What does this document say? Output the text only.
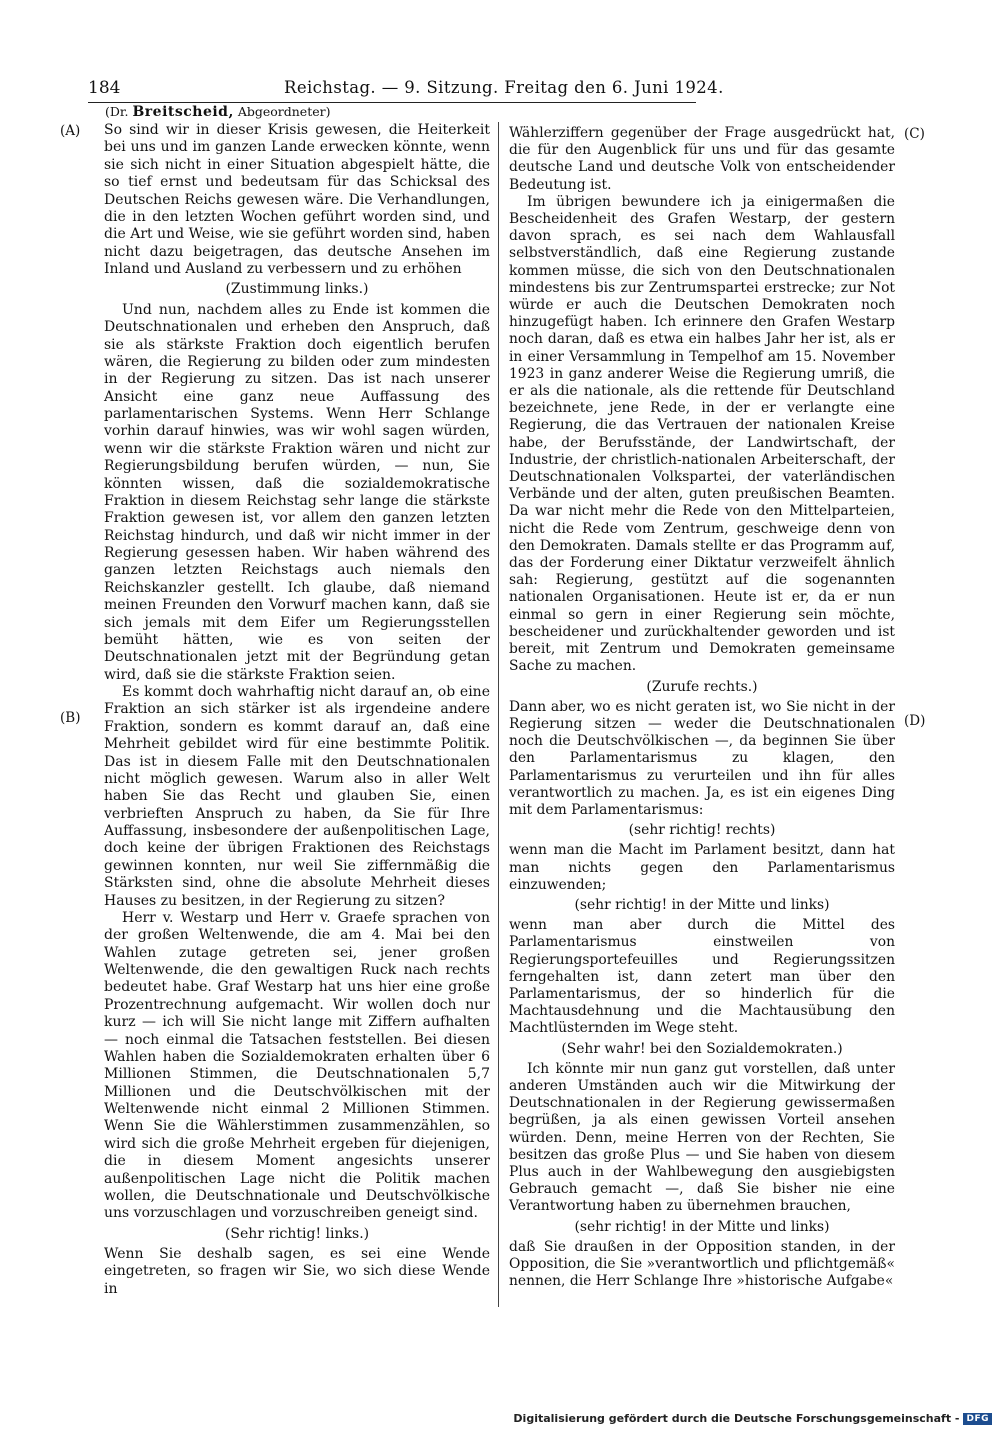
184	Reichstag. — 9. Sitzung. Freitag den 6. Juni 1924.
(Dr. Breitscheid, Abgeordneter)
(A)
(B)
(C)
(D)

So sind wir in dieser Krisis gewesen, die Heiterkeit bei uns und im ganzen Lande erwecken könnte, wenn sie sich nicht in einer Situation abgespielt hätte, die so tief ernst und bedeutsam für das Schicksal des Deutschen Reichs gewesen wäre. Die Verhandlungen, die in den letzten Wochen geführt worden sind, und die Art und Weise, wie sie geführt worden sind, haben nicht dazu beigetragen, das deutsche Ansehen im Inland und Ausland zu verbessern und zu erhöhen

(Zustimmung links.)

Und nun, nachdem alles zu Ende ist kommen die Deutschnationalen und erheben den Anspruch, daß sie als stärkste Fraktion doch eigentlich berufen wären, die Regierung zu bilden oder zum mindesten in der Regierung zu sitzen. Das ist nach unserer Ansicht eine ganz neue Auffassung des parlamentarischen Systems. Wenn Herr Schlange vorhin darauf hinwies, was wir wohl sagen würden, wenn wir die stärkste Fraktion wären und nicht zur Regierungsbildung berufen würden, — nun, Sie könnten wissen, daß die sozialdemokratische Fraktion in diesem Reichstag sehr lange die stärkste Fraktion gewesen ist, vor allem den ganzen letzten Reichstag hindurch, und daß wir nicht immer in der Regierung gesessen haben. Wir haben während des ganzen letzten Reichstags auch niemals den Reichskanzler gestellt. Ich glaube, daß niemand meinen Freunden den Vorwurf machen kann, daß sie sich jemals mit dem Eifer um Regierungsstellen bemüht hätten, wie es von seiten der Deutschnationalen jetzt mit der Begründung getan wird, daß sie die stärkste Fraktion seien.

Es kommt doch wahrhaftig nicht darauf an, ob eine Fraktion an sich stärker ist als irgendeine andere Fraktion, sondern es kommt darauf an, daß eine Mehrheit gebildet wird für eine bestimmte Politik. Das ist in diesem Falle mit den Deutschnationalen nicht möglich gewesen. Warum also in aller Welt haben Sie das Recht und glauben Sie, einen verbrieften Anspruch zu haben, da Sie für Ihre Auffassung, insbesondere der außenpolitischen Lage, doch keine der übrigen Fraktionen des Reichstags gewinnen konnten, nur weil Sie ziffernmäßig die Stärksten sind, ohne die absolute Mehrheit dieses Hauses zu besitzen, in der Regierung zu sitzen?

Herr v. Westarp und Herr v. Graefe sprachen von der großen Weltenwende, die am 4. Mai bei den Wahlen zutage getreten sei, jener großen Weltenwende, die den gewaltigen Ruck nach rechts bedeutet habe. Graf Westarp hat uns hier eine große Prozentrechnung aufgemacht. Wir wollen doch nur kurz — ich will Sie nicht lange mit Ziffern aufhalten — noch einmal die Tatsachen feststellen. Bei diesen Wahlen haben die Sozialdemokraten erhalten über 6 Millionen Stimmen, die Deutschnationalen 5,7 Millionen und die Deutschvölkischen mit der Weltenwende nicht einmal 2 Millionen Stimmen. Wenn Sie die Wählerstimmen zusammenzählen, so wird sich die große Mehrheit ergeben für diejenigen, die in diesem Moment angesichts unserer außenpolitischen Lage nicht die Politik machen wollen, die Deutschnationale und Deutschvölkische uns vorzuschlagen und vorzuschreiben geneigt sind.

(Sehr richtig! links.)

Wenn Sie deshalb sagen, es sei eine Wende eingetreten, so fragen wir Sie, wo sich diese Wende in

Wählerziffern gegenüber der Frage ausgedrückt hat, die für den Augenblick für uns und für das gesamte deutsche Land und deutsche Volk von entscheidender Bedeutung ist.

Im übrigen bewundere ich ja einigermaßen die Bescheidenheit des Grafen Westarp, der gestern davon sprach, es sei nach dem Wahlausfall selbstverständlich, daß eine Regierung zustande kommen müsse, die sich von den Deutschnationalen mindestens bis zur Zentrumspartei erstrecke; zur Not würde er auch die Deutschen Demokraten noch hinzugefügt haben. Ich erinnere den Grafen Westarp noch daran, daß es etwa ein halbes Jahr her ist, als er in einer Versammlung in Tempelhof am 15. November 1923 in ganz anderer Weise die Regierung umriß, die er als die nationale, als die rettende für Deutschland bezeichnete, jene Rede, in der er verlangte eine Regierung, die das Vertrauen der nationalen Kreise habe, der Berufsstände, der Landwirtschaft, der Industrie, der christlich-nationalen Arbeiterschaft, der Deutschnationalen Volkspartei, der vaterländischen Verbände und der alten, guten preußischen Beamten. Da war nicht mehr die Rede von den Mittelparteien, nicht die Rede vom Zentrum, geschweige denn von den Demokraten. Damals stellte er das Programm auf, das der Forderung einer Diktatur verzweifelt ähnlich sah: Regierung, gestützt auf die sogenannten nationalen Organisationen. Heute ist er, da er nun einmal so gern in einer Regierung sein möchte, bescheidener und zurückhaltender geworden und ist bereit, mit Zentrum und Demokraten gemeinsame Sache zu machen.

(Zurufe rechts.)

Dann aber, wo es nicht geraten ist, wo Sie nicht in der Regierung sitzen — weder die Deutschnationalen noch die Deutschvölkischen —, da beginnen Sie über den Parlamentarismus zu klagen, den Parlamentarismus zu verurteilen und ihn für alles verantwortlich zu machen. Ja, es ist ein eigenes Ding mit dem Parlamentarismus:

(sehr richtig! rechts)

wenn man die Macht im Parlament besitzt, dann hat man nichts gegen den Parlamentarismus einzuwenden;

(sehr richtig! in der Mitte und links)

wenn man aber durch die Mittel des Parlamentarismus einstweilen von Regierungsportefeuilles und Regierungssitzen ferngehalten ist, dann zetert man über den Parlamentarismus, der so hinderlich für die Machtausdehnung und die Machtausübung den Machtlüsternden im Wege steht.

(Sehr wahr! bei den Sozialdemokraten.)

Ich könnte mir nun ganz gut vorstellen, daß unter anderen Umständen auch wir die Mitwirkung der Deutschnationalen in der Regierung gewissermaßen begrüßen, ja als einen gewissen Vorteil ansehen würden. Denn, meine Herren von der Rechten, Sie besitzen das große Plus — und Sie haben von diesem Plus auch in der Wahlbewegung den ausgiebigsten Gebrauch gemacht —, daß Sie bisher nie eine Verantwortung haben zu übernehmen brauchen,

(sehr richtig! in der Mitte und links)

daß Sie draußen in der Opposition standen, in der Opposition, die Sie »verantwortlich und pflichtgemäß« nennen, die Herr Schlange Ihre »historische Aufgabe«

Digitalisierung gefördert durch die Deutsche Forschungsgemeinschaft - DFG
